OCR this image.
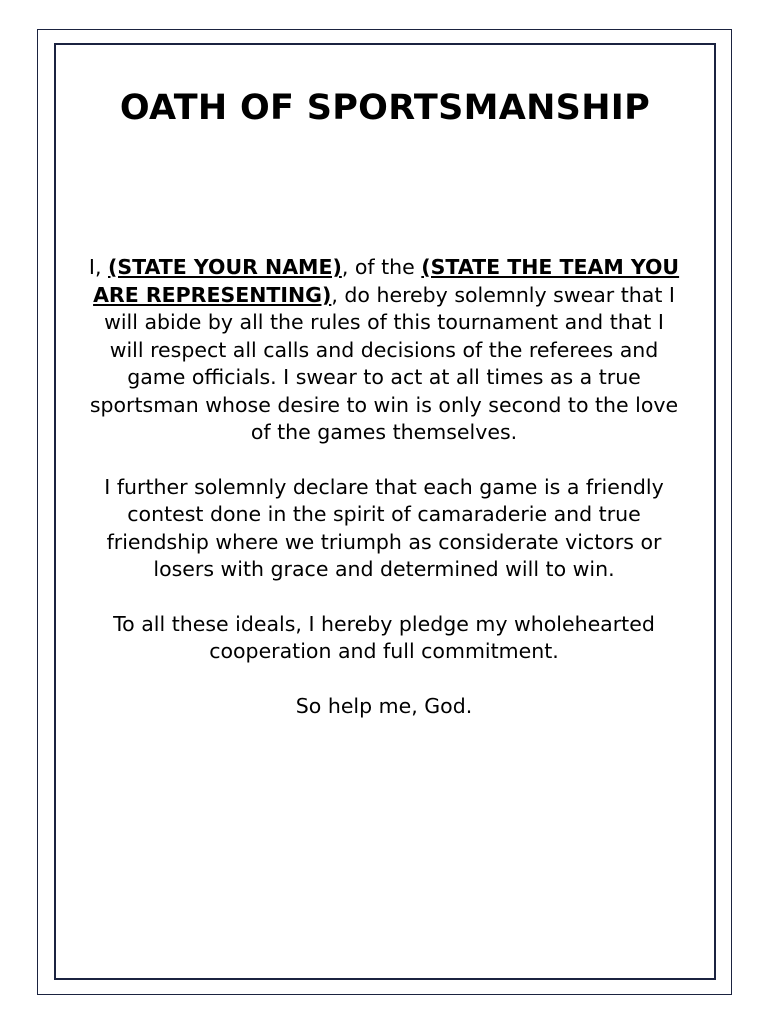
OATH OF SPORTSMANSHIP

I, (STATE YOUR NAME), of the (STATE THE TEAM YOU ARE REPRESENTING), do hereby solemnly swear that I will abide by all the rules of this tournament and that I will respect all calls and decisions of the referees and game officials. I swear to act at all times as a true sportsman whose desire to win is only second to the love of the games themselves.

I further solemnly declare that each game is a friendly contest done in the spirit of camaraderie and true friendship where we triumph as considerate victors or losers with grace and determined will to win.

To all these ideals, I hereby pledge my wholehearted cooperation and full commitment.

So help me, God.
